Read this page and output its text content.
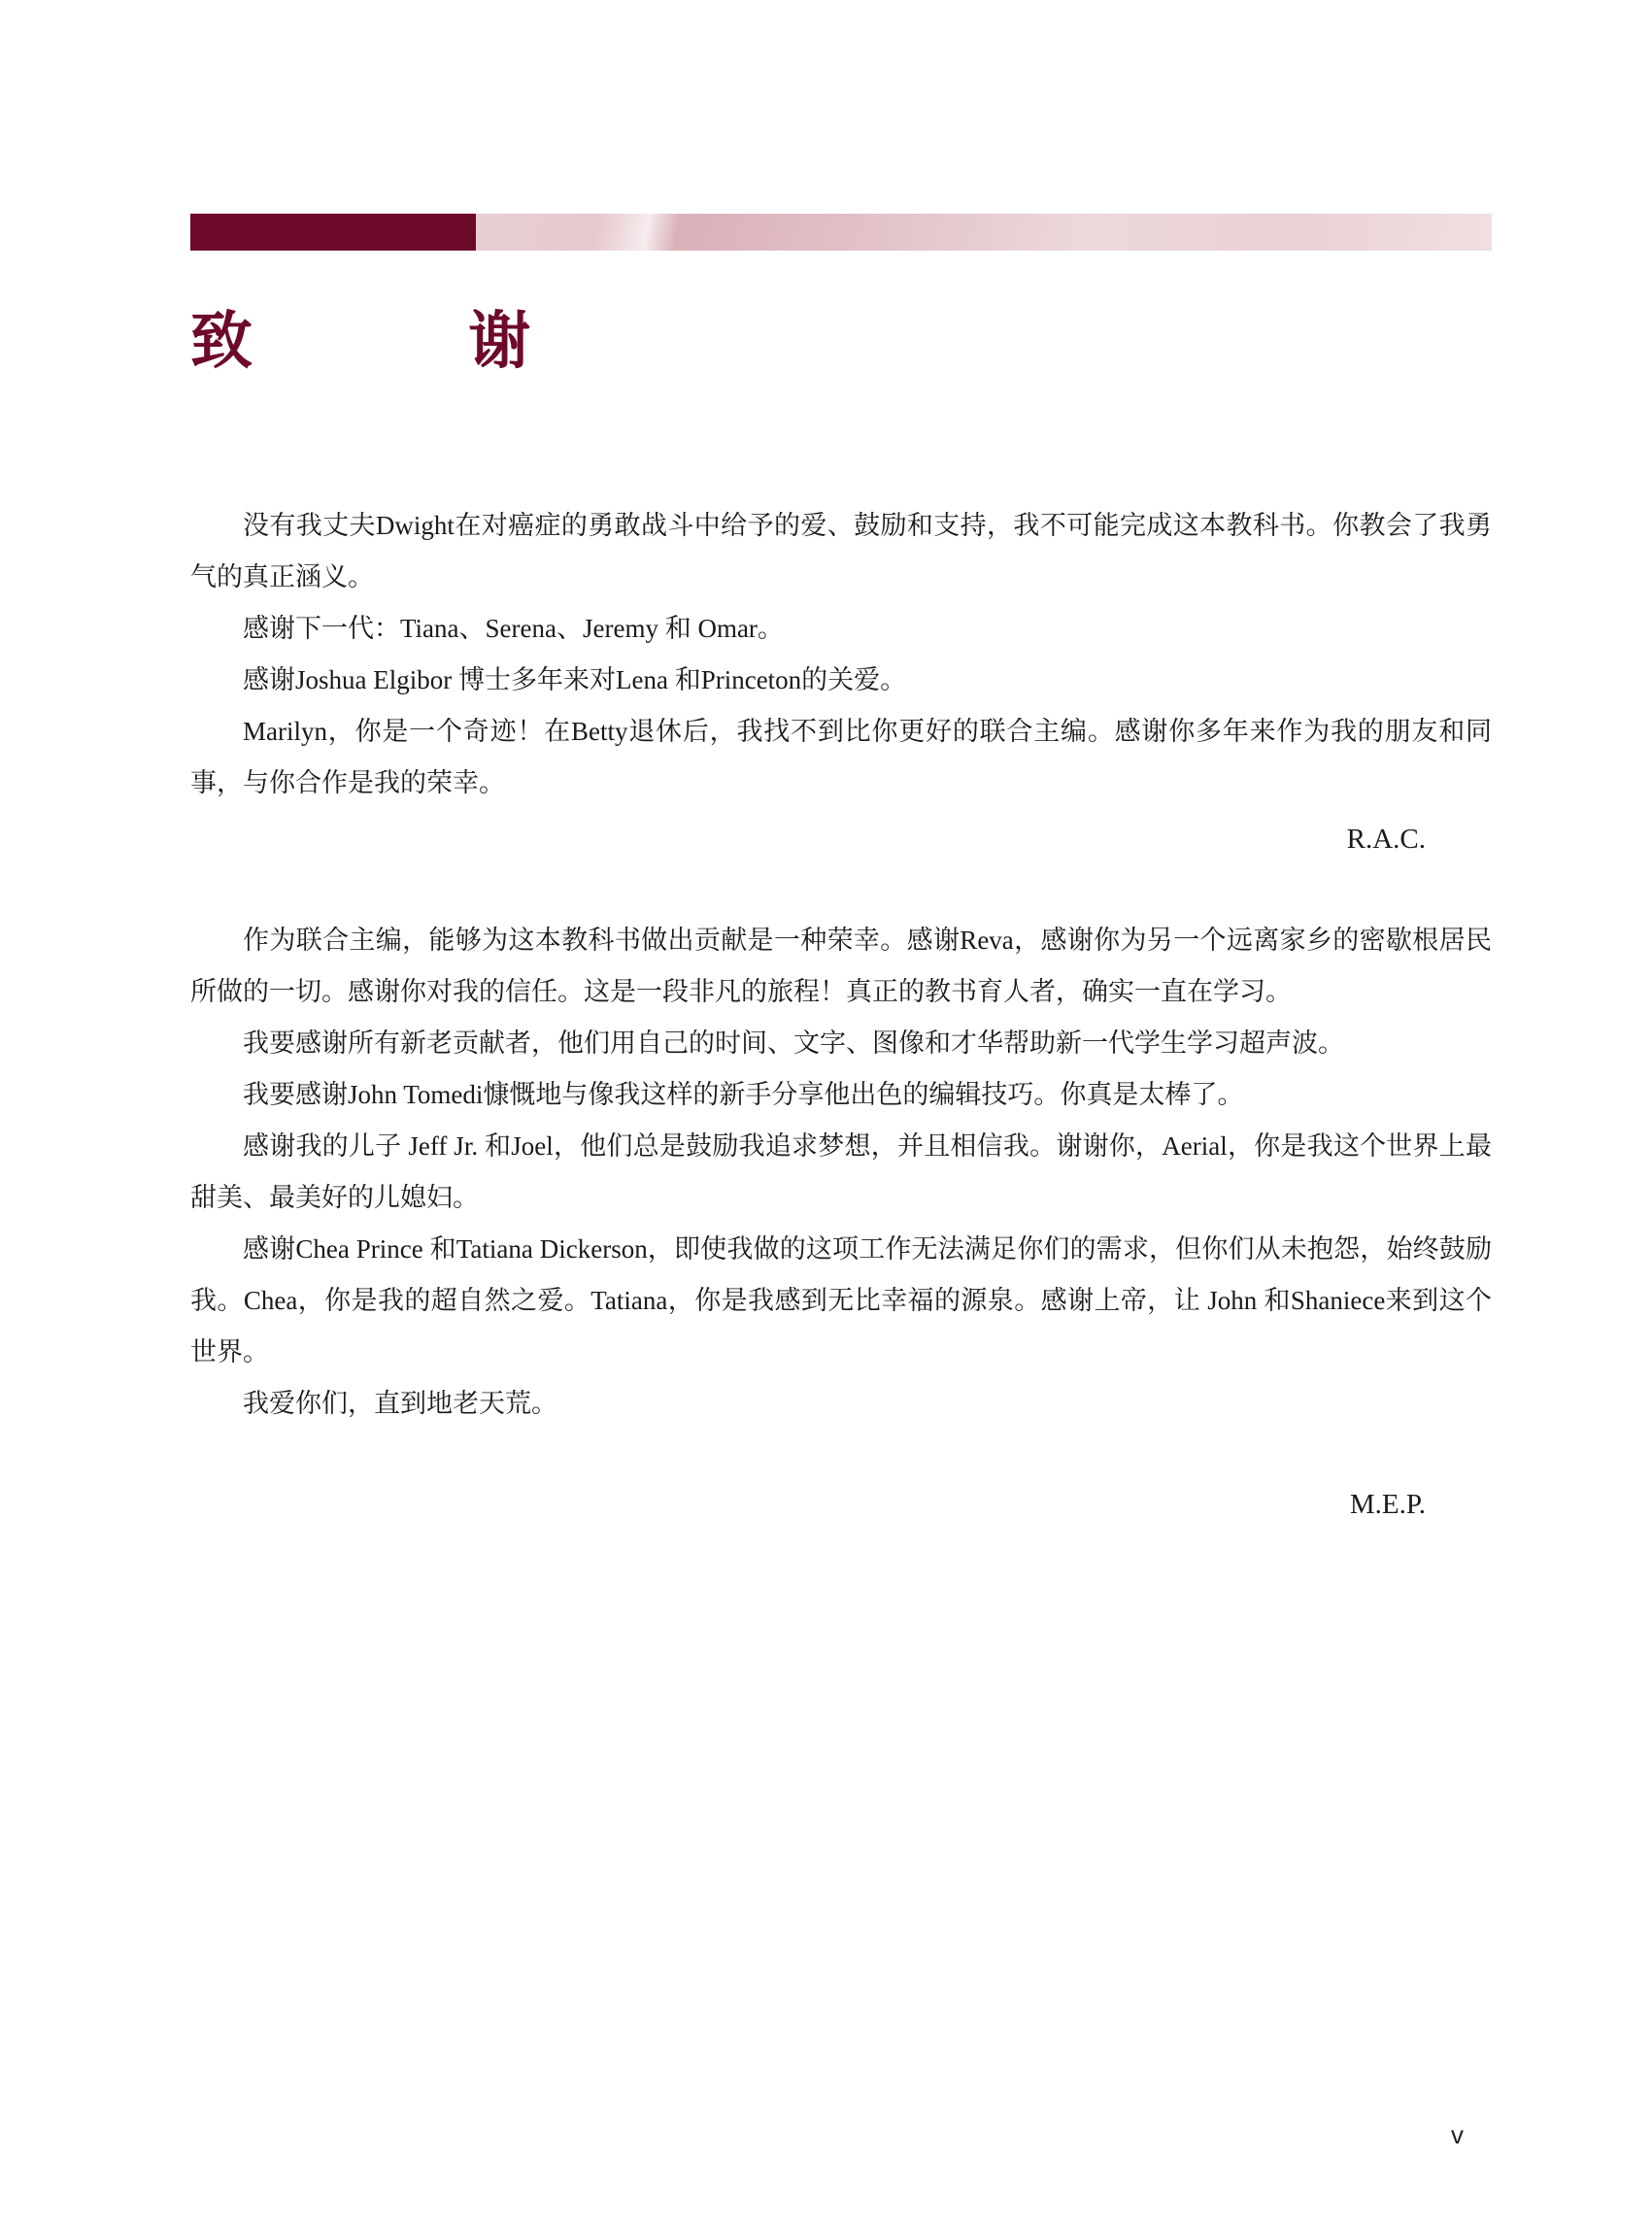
致 谢

没有我丈夫Dwight在对癌症的勇敢战斗中给予的爱、鼓励和支持，我不可能完成这本教科书。你教会了我勇气的真正涵义。

感谢下一代：Tiana、Serena、Jeremy 和 Omar。

感谢Joshua Elgibor 博士多年来对Lena 和Princeton的关爱。

Marilyn，你是一个奇迹！在Betty退休后，我找不到比你更好的联合主编。感谢你多年来作为我的朋友和同事，与你合作是我的荣幸。

R.A.C.

作为联合主编，能够为这本教科书做出贡献是一种荣幸。感谢Reva，感谢你为另一个远离家乡的密歇根居民所做的一切。感谢你对我的信任。这是一段非凡的旅程！真正的教书育人者，确实一直在学习。

我要感谢所有新老贡献者，他们用自己的时间、文字、图像和才华帮助新一代学生学习超声波。

我要感谢John Tomedi慷慨地与像我这样的新手分享他出色的编辑技巧。你真是太棒了。

感谢我的儿子 Jeff Jr. 和Joel，他们总是鼓励我追求梦想，并且相信我。谢谢你，Aerial，你是我这个世界上最甜美、最美好的儿媳妇。

感谢Chea Prince 和Tatiana Dickerson，即使我做的这项工作无法满足你们的需求，但你们从未抱怨，始终鼓励我。Chea，你是我的超自然之爱。Tatiana，你是我感到无比幸福的源泉。感谢上帝，让 John 和Shaniece来到这个世界。

我爱你们，直到地老天荒。

M.E.P.

v
